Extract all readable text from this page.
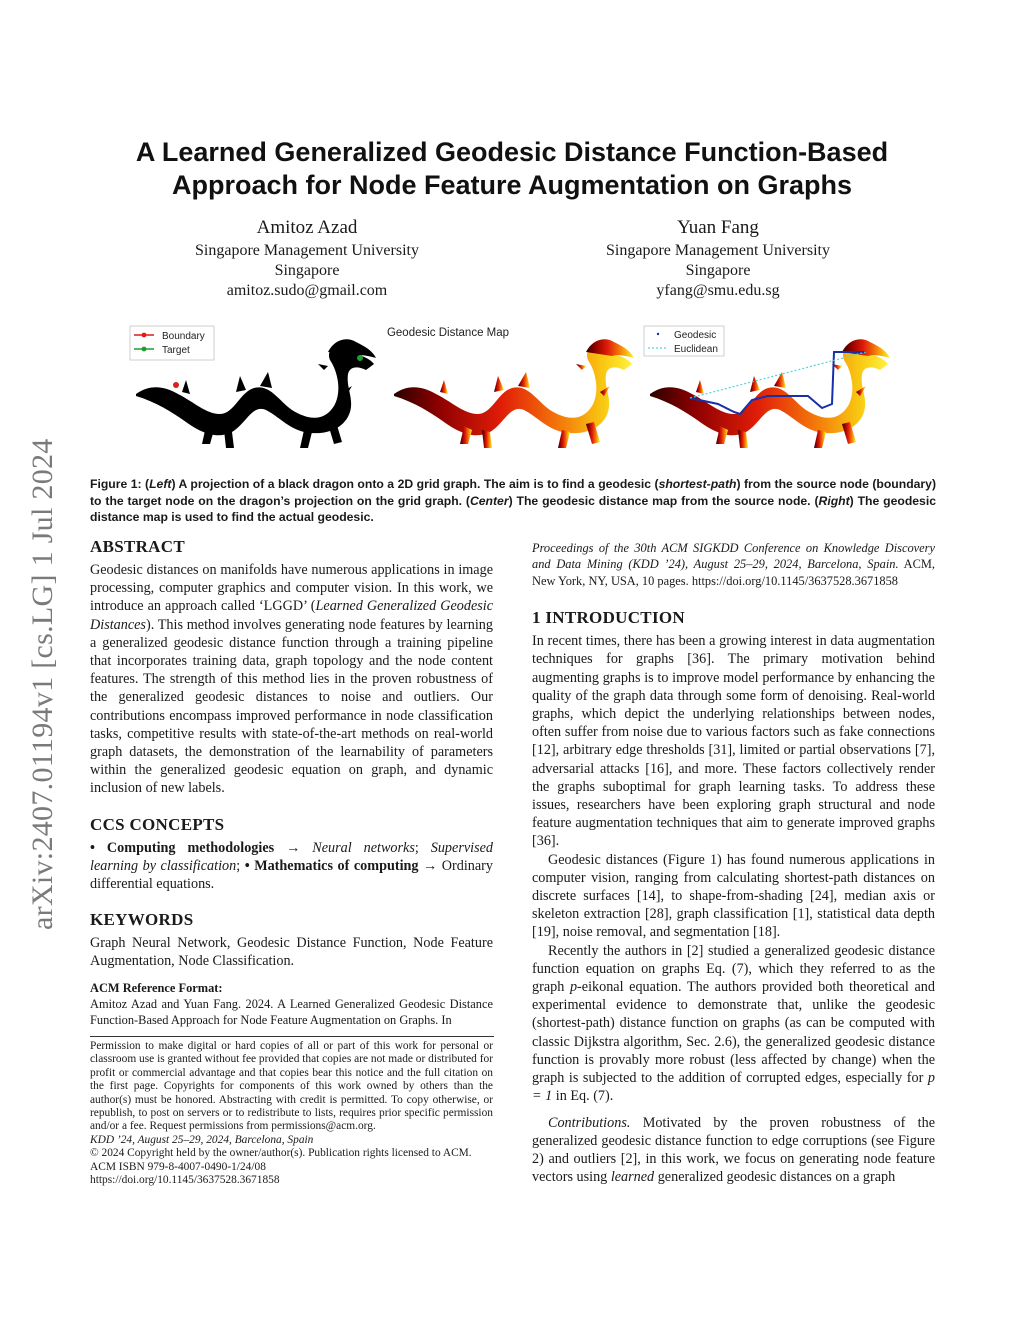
arXiv:2407.01194v1 [cs.LG] 1 Jul 2024
A Learned Generalized Geodesic Distance Function-Based Approach for Node Feature Augmentation on Graphs
Amitoz Azad
Singapore Management University
Singapore
amitoz.sudo@gmail.com
Yuan Fang
Singapore Management University
Singapore
yfang@smu.edu.sg
Boundary
Target
Geodesic Distance Map	Geodesic
Euclidean
Figure 1: (Left) A projection of a black dragon onto a 2D grid graph. The aim is to find a geodesic (shortest-path) from the source node (boundary) to the target node on the dragon’s projection on the grid graph. (Center) The geodesic distance map from the source node. (Right) The geodesic distance map is used to find the actual geodesic.
ABSTRACT

Geodesic distances on manifolds have numerous applications in image processing, computer graphics and computer vision. In this work, we introduce an approach called ‘LGGD’ (Learned Generalized Geodesic Distances). This method involves generating node features by learning a generalized geodesic distance function through a training pipeline that incorporates training data, graph topology and the node content features. The strength of this method lies in the proven robustness of the generalized geodesic distances to noise and outliers. Our contributions encompass improved performance in node classification tasks, competitive results with state-of-the-art methods on real-world graph datasets, the demonstration of the learnability of parameters within the generalized geodesic equation on graph, and dynamic inclusion of new labels.

CCS CONCEPTS

• Computing methodologies → Neural networks; Supervised learning by classification; • Mathematics of computing → Ordinary differential equations.

KEYWORDS

Graph Neural Network, Geodesic Distance Function, Node Feature Augmentation, Node Classification.

ACM Reference Format:

Amitoz Azad and Yuan Fang. 2024. A Learned Generalized Geodesic Distance Function-Based Approach for Node Feature Augmentation on Graphs. In

Permission to make digital or hard copies of all or part of this work for personal or classroom use is granted without fee provided that copies are not made or distributed for profit or commercial advantage and that copies bear this notice and the full citation on the first page. Copyrights for components of this work owned by others than the author(s) must be honored. Abstracting with credit is permitted. To copy otherwise, or republish, to post on servers or to redistribute to lists, requires prior specific permission and/or a fee. Request permissions from permissions@acm.org.

KDD ’24, August 25–29, 2024, Barcelona, Spain

© 2024 Copyright held by the owner/author(s). Publication rights licensed to ACM.

ACM ISBN 979-8-4007-0490-1/24/08

https://doi.org/10.1145/3637528.3671858

Proceedings of the 30th ACM SIGKDD Conference on Knowledge Discovery and Data Mining (KDD ’24), August 25–29, 2024, Barcelona, Spain. ACM, New York, NY, USA, 10 pages. https://doi.org/10.1145/3637528.3671858

1 INTRODUCTION

In recent times, there has been a growing interest in data augmentation techniques for graphs [36]. The primary motivation behind augmenting graphs is to improve model performance by enhancing the quality of the graph data through some form of denoising. Real-world graphs, which depict the underlying relationships between nodes, often suffer from noise due to various factors such as fake connections [12], arbitrary edge thresholds [31], limited or partial observations [7], adversarial attacks [16], and more. These factors collectively render the graphs suboptimal for graph learning tasks. To address these issues, researchers have been exploring graph structural and node feature augmentation techniques that aim to generate improved graphs [36].

Geodesic distances (Figure 1) has found numerous applications in computer vision, ranging from calculating shortest-path distances on discrete surfaces [14], to shape-from-shading [24], median axis or skeleton extraction [28], graph classification [1], statistical data depth [19], noise removal, and segmentation [18].

Recently the authors in [2] studied a generalized geodesic distance function equation on graphs Eq. (7), which they referred to as the graph p-eikonal equation. The authors provided both theoretical and experimental evidence to demonstrate that, unlike the geodesic (shortest-path) distance function on graphs (as can be computed with classic Dijkstra algorithm, Sec. 2.6), the generalized geodesic distance function is provably more robust (less affected by change) when the graph is subjected to the addition of corrupted edges, especially for p = 1 in Eq. (7).

Contributions. Motivated by the proven robustness of the generalized geodesic distance function to edge corruptions (see Figure 2) and outliers [2], in this work, we focus on generating node feature vectors using learned generalized geodesic distances on a graph
